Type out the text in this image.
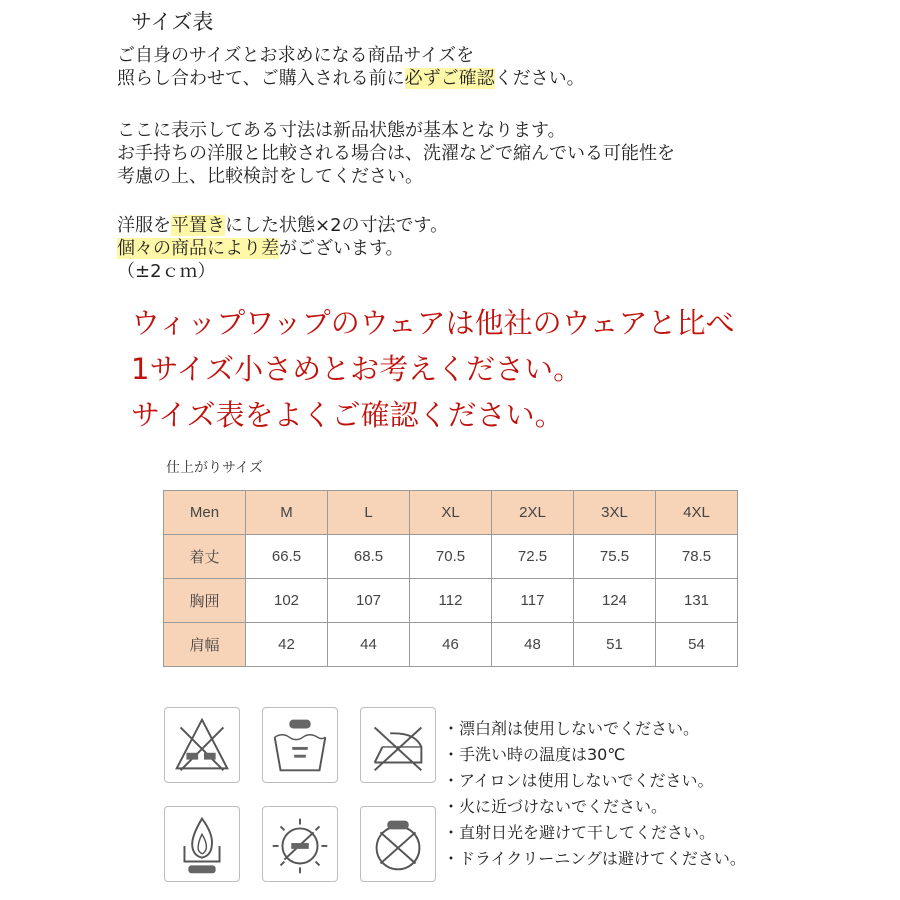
サイズ表
ご自身のサイズとお求めになる商品サイズを
照らし合わせて、ご購入される前に必ずご確認ください。
ここに表示してある寸法は新品状態が基本となります。
お手持ちの洋服と比較される場合は、洗濯などで縮んでいる可能性を
考慮の上、比較検討をしてください。
洋服を平置きにした状態×2の寸法です。
個々の商品により差がございます。
（±2ｃｍ）
ウィップワップのウェアは他社のウェアと比べ
1サイズ小さめとお考えください。
サイズ表をよくご確認ください。
仕上がりサイズ
Men	M	L	XL	2XL	3XL	4XL
着丈	66.5	68.5	70.5	72.5	75.5	78.5
胸囲	102	107	112	117	124	131
肩幅	42	44	46	48	51	54
・漂白剤は使用しないでください。
・手洗い時の温度は30℃
・アイロンは使用しないでください。
・火に近づけないでください。
・直射日光を避けて干してください。
・ドライクリーニングは避けてください。
